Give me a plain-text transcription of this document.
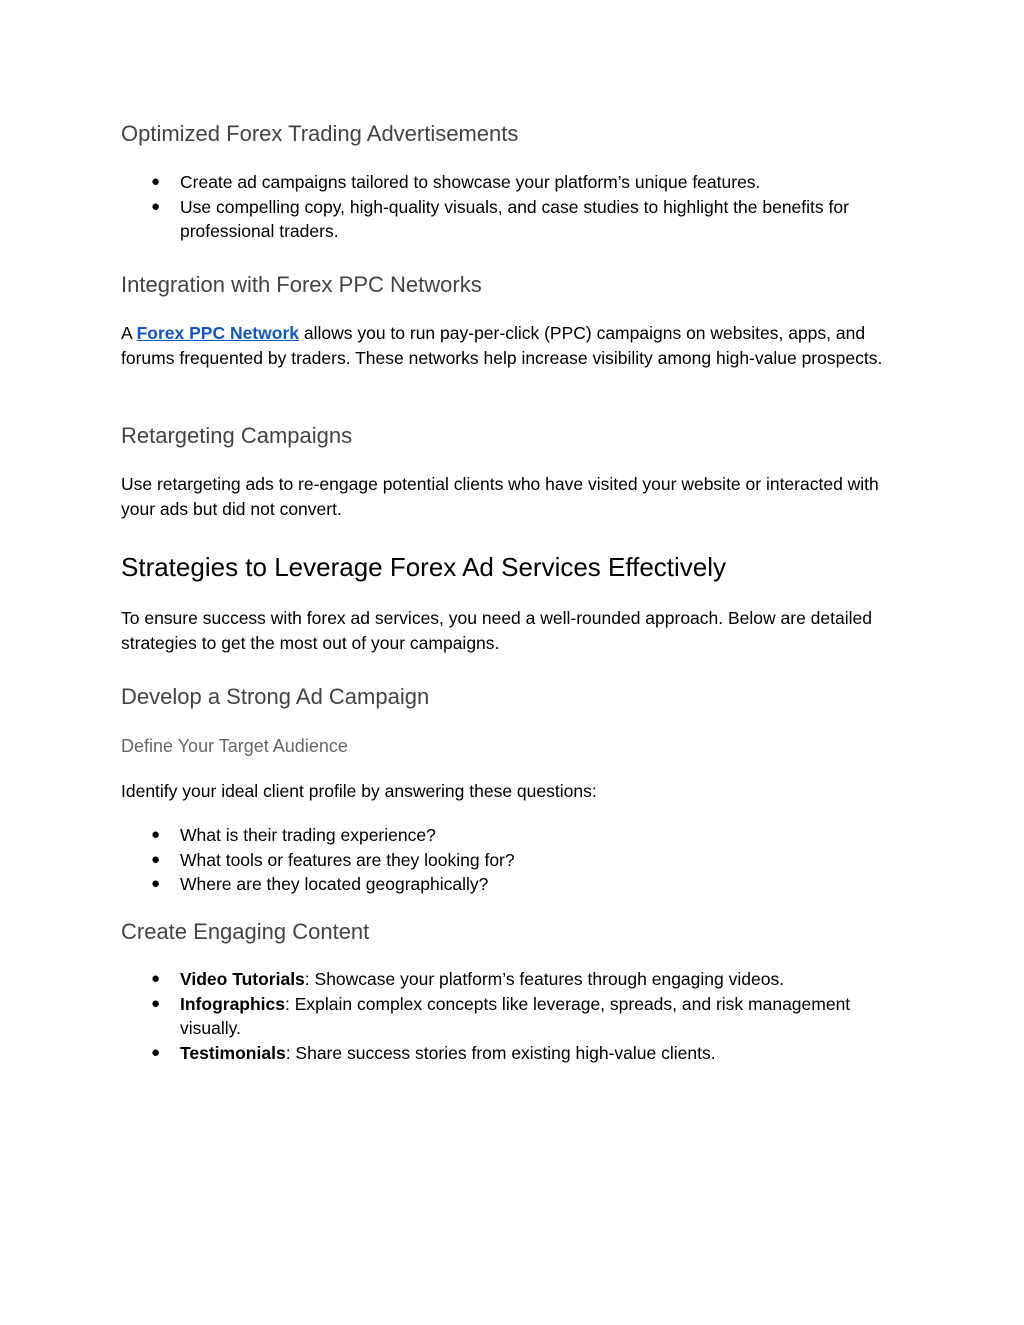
Optimized Forex Trading Advertisements
● Create ad campaigns tailored to showcase your platform’s unique features.
● Use compelling copy, high-quality visuals, and case studies to highlight the benefits for professional traders.
Integration with Forex PPC Networks

A Forex PPC Network allows you to run pay-per-click (PPC) campaigns on websites, apps, and forums frequented by traders. These networks help increase visibility among high-value prospects.

Retargeting Campaigns

Use retargeting ads to re-engage potential clients who have visited your website or interacted with your ads but did not convert.

Strategies to Leverage Forex Ad Services Effectively

To ensure success with forex ad services, you need a well-rounded approach. Below are detailed strategies to get the most out of your campaigns.

Develop a Strong Ad Campaign
Define Your Target Audience

Identify your ideal client profile by answering these questions:

● What is their trading experience?
● What tools or features are they looking for?
● Where are they located geographically?
Create Engaging Content
● Video Tutorials: Showcase your platform’s features through engaging videos.
● Infographics: Explain complex concepts like leverage, spreads, and risk management visually.
● Testimonials: Share success stories from existing high-value clients.
